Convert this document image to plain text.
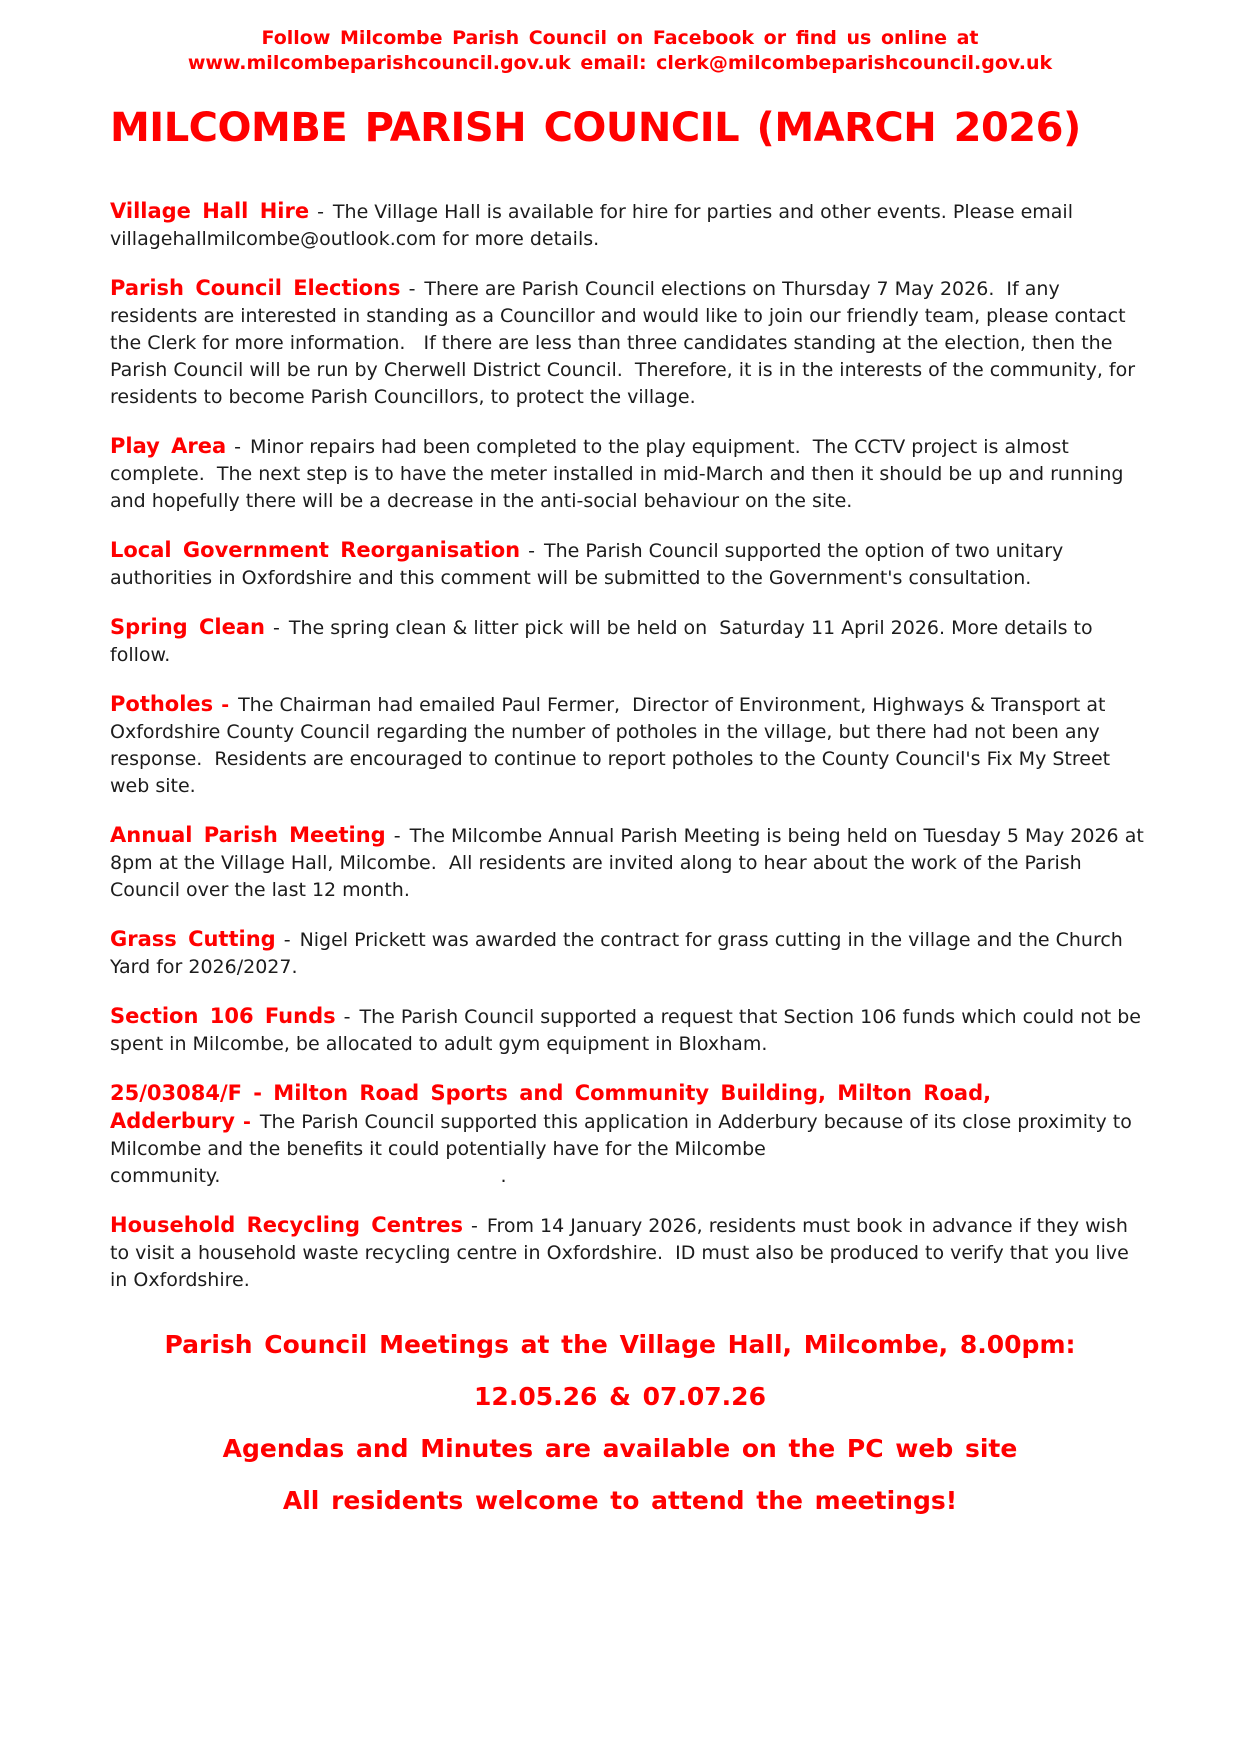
Follow Milcombe Parish Council on Facebook or find us online at
www.milcombeparishcouncil.gov.uk email: clerk@milcombeparishcouncil.gov.uk
MILCOMBE PARISH COUNCIL (MARCH 2026)

Village Hall Hire - The Village Hall is available for hire for parties and other events. Please email villagehallmilcombe@outlook.com for more details.

Parish Council Elections - There are Parish Council elections on Thursday 7 May 2026.  If any residents are interested in standing as a Councillor and would like to join our friendly team, please contact the Clerk for more information.   If there are less than three candidates standing at the election, then the Parish Council will be run by Cherwell District Council.  Therefore, it is in the interests of the community, for residents to become Parish Councillors, to protect the village.

Play Area - Minor repairs had been completed to the play equipment.  The CCTV project is almost complete.  The next step is to have the meter installed in mid-March and then it should be up and running and hopefully there will be a decrease in the anti-social behaviour on the site.

Local Government Reorganisation - The Parish Council supported the option of two unitary authorities in Oxfordshire and this comment will be submitted to the Government's consultation.

Spring Clean - The spring clean & litter pick will be held on  Saturday 11 April 2026. More details to follow.

Potholes - The Chairman had emailed Paul Fermer,  Director of Environment, Highways & Transport at Oxfordshire County Council regarding the number of potholes in the village, but there had not been any response.  Residents are encouraged to continue to report potholes to the County Council's Fix My Street web site.

Annual Parish Meeting - The Milcombe Annual Parish Meeting is being held on Tuesday 5 May 2026 at 8pm at the Village Hall, Milcombe.  All residents are invited along to hear about the work of the Parish Council over the last 12 month.

Grass Cutting - Nigel Prickett was awarded the contract for grass cutting in the village and the Church Yard for 2026/2027.

Section 106 Funds - The Parish Council supported a request that Section 106 funds which could not be spent in Milcombe, be allocated to adult gym equipment in Bloxham.

25/03084/F - Milton Road Sports and Community Building, Milton Road, Adderbury - The Parish Council supported this application in Adderbury because of its close proximity to Milcombe and the benefits it could potentially have for the Milcombe community.	.

Household Recycling Centres - From 14 January 2026, residents must book in advance if they wish to visit a household waste recycling centre in Oxfordshire.  ID must also be produced to verify that you live in Oxfordshire.

Parish Council Meetings at the Village Hall, Milcombe, 8.00pm:
12.05.26 & 07.07.26
Agendas and Minutes are available on the PC web site
All residents welcome to attend the meetings!
